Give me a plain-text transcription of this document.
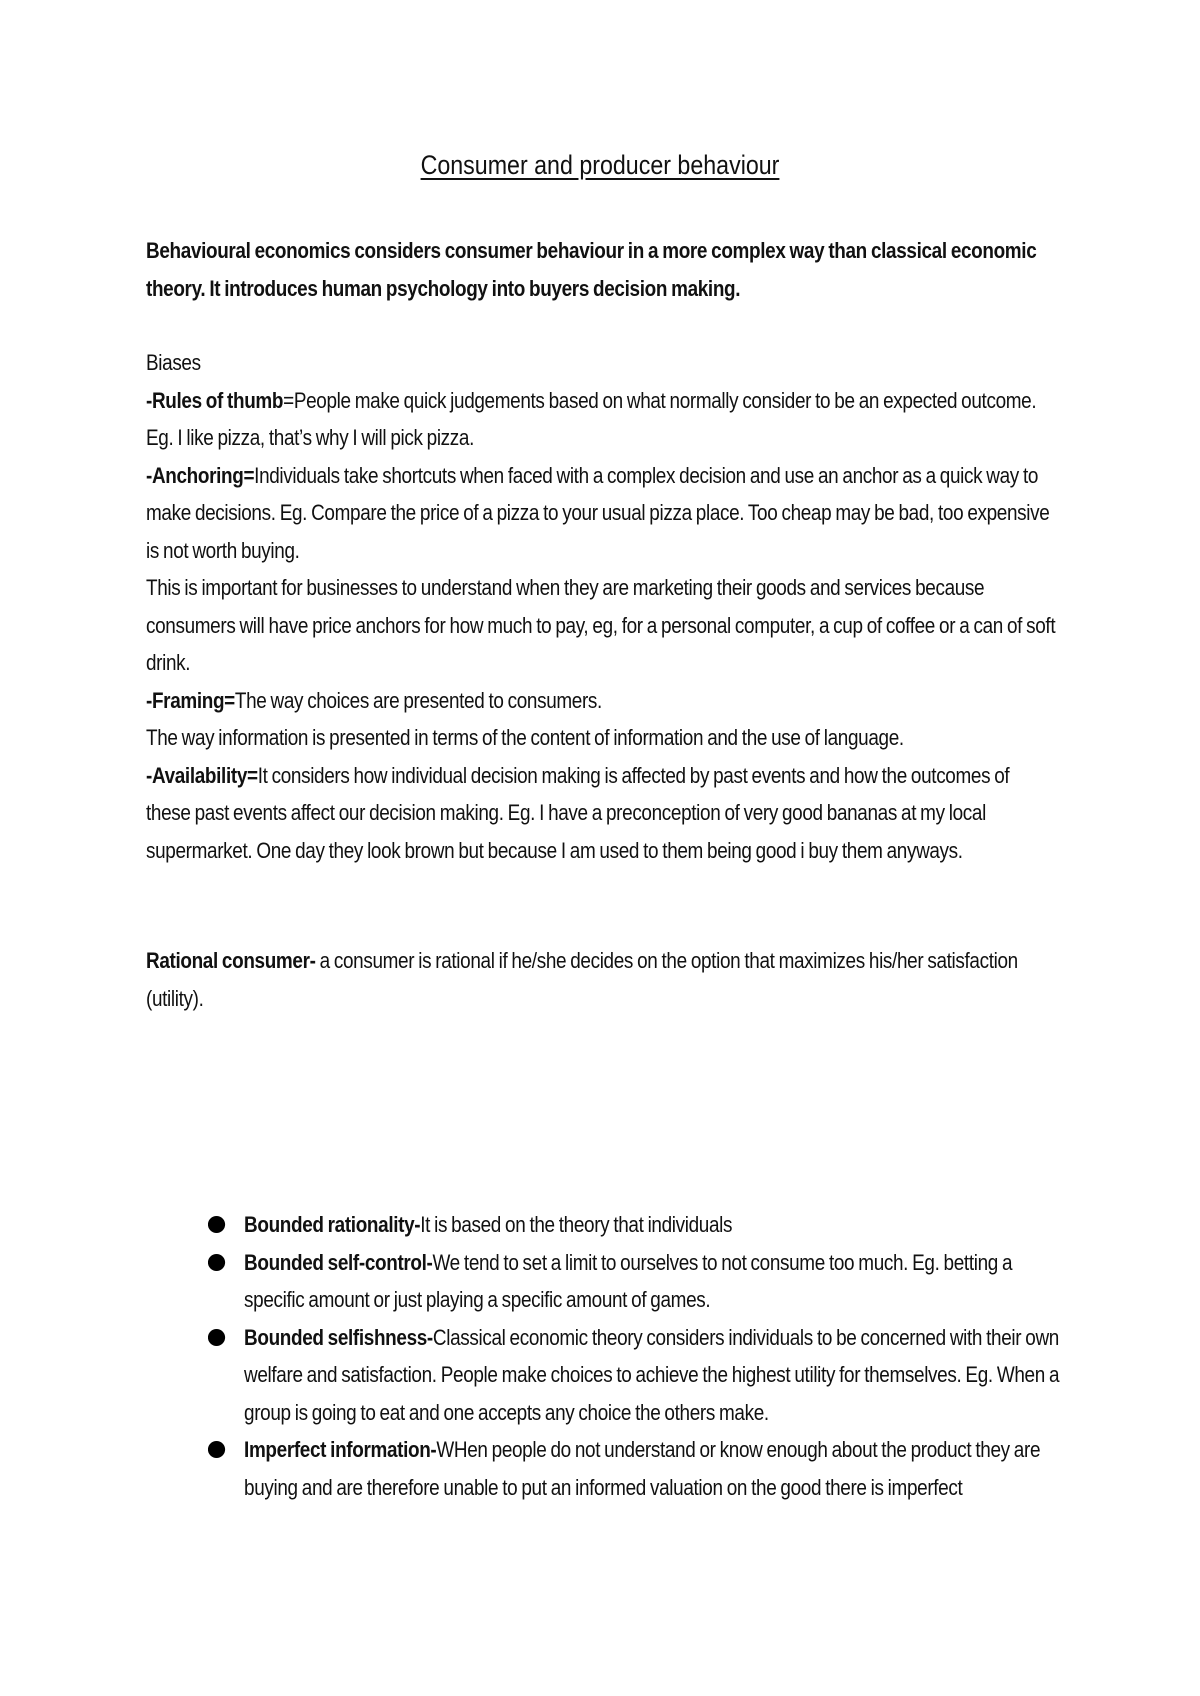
Consumer and producer behaviour

Behavioural economics considers consumer behaviour in a more complex way than classical economic theory. It introduces human psychology into buyers decision making.

Biases

-Rules of thumb=People make quick judgements based on what normally consider to be an expected outcome. Eg. I like pizza, that’s why I will pick pizza.

-Anchoring=Individuals take shortcuts when faced with a complex decision and use an anchor as a quick way to make decisions. Eg. Compare the price of a pizza to your usual pizza place. Too cheap may be bad, too expensive is not worth buying.

This is important for businesses to understand when they are marketing their goods and services because consumers will have price anchors for how much to pay, eg, for a personal computer, a cup of coffee or a can of soft drink.

-Framing=The way choices are presented to consumers.

The way information is presented in terms of the content of information and the use of language.

-Availability=It considers how individual decision making is affected by past events and how the outcomes of these past events affect our decision making. Eg. I have a preconception of very good bananas at my local supermarket. One day they look brown but because I am used to them being good i buy them anyways.

Rational consumer- a consumer is rational if he/she decides on the option that maximizes his/her satisfaction (utility).

Bounded rationality-It is based on the theory that individuals
Bounded self-control-We tend to set a limit to ourselves to not consume too much. Eg. betting a specific amount or just playing a specific amount of games.
Bounded selfishness-Classical economic theory considers individuals to be concerned with their own welfare and satisfaction. People make choices to achieve the highest utility for themselves. Eg. When a group is going to eat and one accepts any choice the others make.
Imperfect information-WHen people do not understand or know enough about the product they are buying and are therefore unable to put an informed valuation on the good there is imperfect
